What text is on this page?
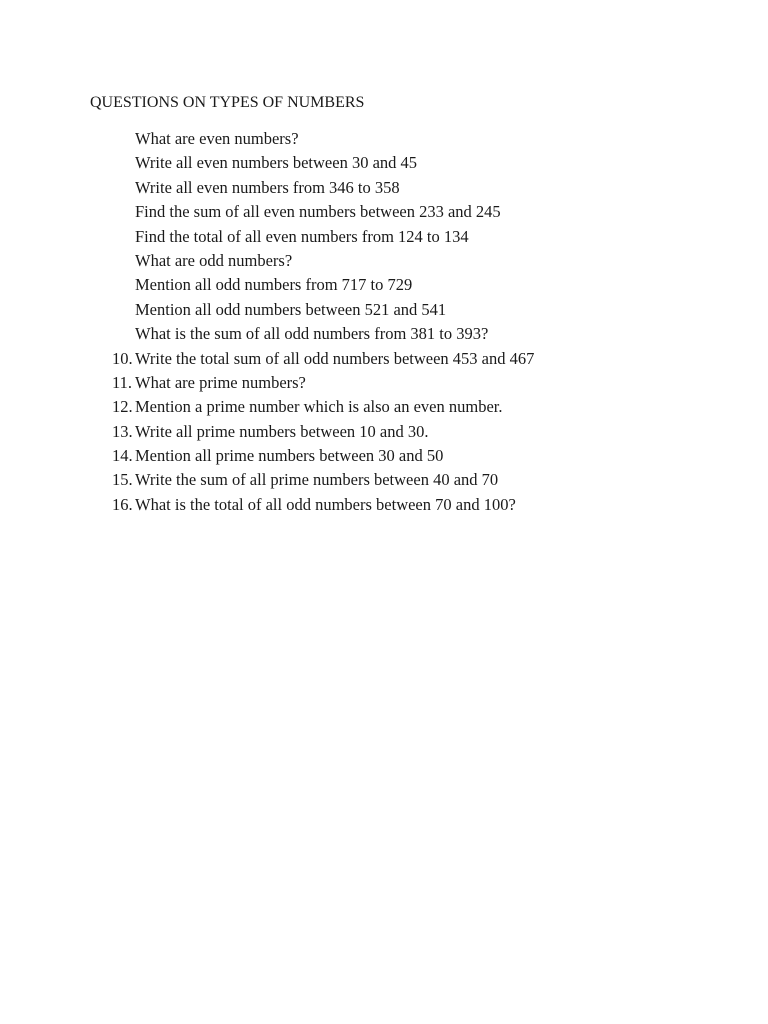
QUESTIONS ON TYPES OF NUMBERS
What are even numbers?
Write all even numbers between 30 and 45
Write all even numbers from 346 to 358
Find the sum of all even numbers between 233 and 245
Find the total of all even numbers from 124 to 134
What are odd numbers?
Mention all odd numbers from 717 to 729
Mention all odd numbers between 521 and 541
What is the sum of all odd numbers from 381 to 393?
10. Write the total sum of all odd numbers between 453 and 467
11. What are prime numbers?
12. Mention a prime number which is also an even number.
13. Write all prime numbers between 10 and 30.
14. Mention all prime numbers between 30 and 50
15. Write the sum of all prime numbers between 40 and 70
16. What is the total of all odd numbers between 70 and 100?
